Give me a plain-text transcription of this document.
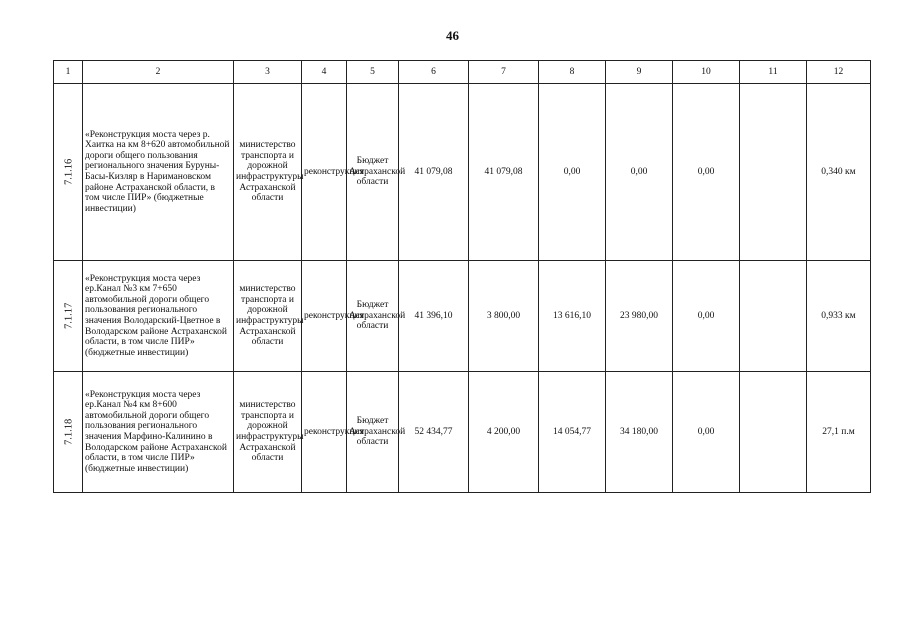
46
1	2	3	4	5	6	7	8	9	10	11	12
7.1.16	«Реконструкция моста через р. Хаитка на км 8+620 автомобильной дороги общего пользования регионального значения Буруны-Басы-Кизляр в Наримановском районе Астраханской области, в том числе ПИР» (бюджетные инвестиции)	министерство транспорта и дорожной инфраструктуры Астраханской области	реконструкция	Бюджет Астраханской области	41 079,08	41 079,08	0,00	0,00	0,00		0,340 км
7.1.17	«Реконструкция моста через ер.Канал №3 км 7+650 автомобильной дороги общего пользования регионального значения Володарский-Цветное в Володарском районе Астраханской области, в том числе ПИР» (бюджетные инвестиции)	министерство транспорта и дорожной инфраструктуры Астраханской области	реконструкция	Бюджет Астраханской области	41 396,10	3 800,00	13 616,10	23 980,00	0,00		0,933 км
7.1.18	«Реконструкция моста через ер.Канал №4 км 8+600 автомобильной дороги общего пользования регионального значения Марфино-Калинино в Володарском районе Астраханской области, в том числе ПИР» (бюджетные инвестиции)	министерство транспорта и дорожной инфраструктуры Астраханской области	реконструкция	Бюджет Астраханской области	52 434,77	4 200,00	14 054,77	34 180,00	0,00		27,1 п.м
